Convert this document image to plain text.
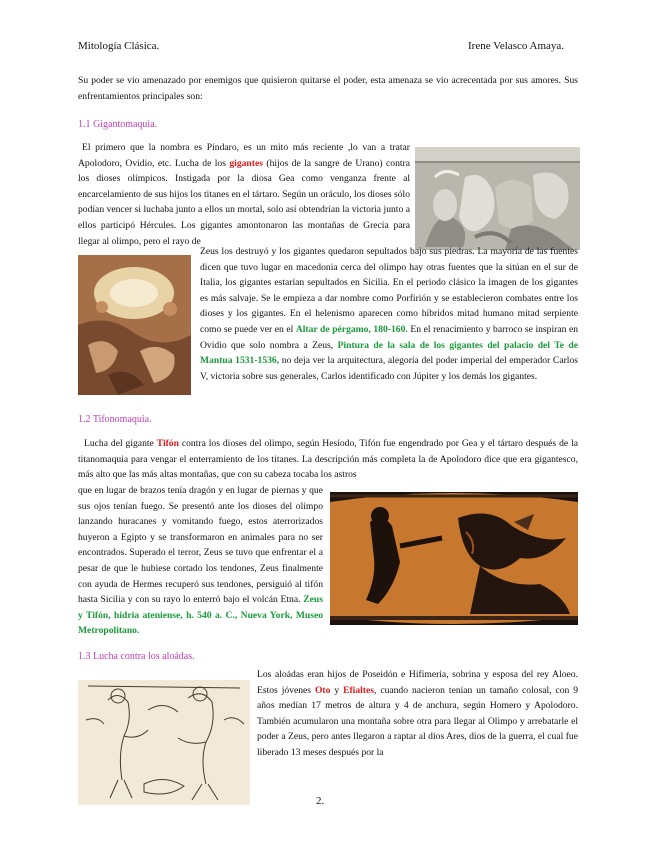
Mitología Clásica.	Irene Velasco Amaya.
Su poder se vio amenazado por enemigos que quisieron quitarse el poder, esta amenaza se vio acrecentada por sus amores. Sus enfrentamientos principales son:
1.1 Gigantomaquia.
El primero que la nombra es Píndaro, es un mito más reciente ,lo van a tratar Apolodoro, Ovidio, etc. Lucha de los gigantes (hijos de la sangre de Urano) contra los dioses olímpicos. Instigada por la diosa Gea como venganza frente al encarcelamiento de sus hijos los titanes en el tártaro. Según un oráculo, los dioses sólo podían vencer si luchaba junto a ellos un mortal, solo así obtendrían la victoria junto a ellos participó Hércules. Los gigantes amontonaron las montañas de Grecia para llegar al olimpo, pero el rayo de
Zeus los destruyó y los gigantes quedaron sepultados bajo sus piedras. La mayoría de las fuentes dicen que tuvo lugar en macedonia cerca del olimpo hay otras fuentes que la sitúan en el sur de Italia, los gigantes estarían sepultados en Sicilia. En el periodo clásico la imagen de los gigantes es más salvaje. Se le empieza a dar nombre como Porfirión y se establecieron combates entre los dioses y los gigantes. En el helenismo aparecen como híbridos mitad humano mitad serpiente como se puede ver en el Altar de pérgamo, 180-160. En el renacimiento y barroco se inspiran en Ovidio que solo nombra a Zeus, Pintura de la sala de los gigantes del palacio del Te de Mantua 1531-1536, no deja ver la arquitectura, alegoría del poder imperial del emperador Carlos V, victoria sobre sus generales, Carlos identificado con Júpiter y los demás los gigantes.
1.2 Tifonomaquia.
Lucha del gigante Tifón contra los dioses del olimpo, según Hesíodo, Tifón fue engendrado por Gea y el tártaro después de la titanomaquia para vengar el enterramiento de los titanes. La descripción más completa la de Apolodoro dice que era gigantesco, más alto que las más altas montañas, que con su cabeza tocaba los astros
que en lugar de brazos tenía dragón y en lugar de piernas y que sus ojos tenían fuego. Se presentó ante los dioses del olimpo lanzando huracanes y vomitando fuego, estos aterrorizados huyeron a Egipto y se transformaron en animales para no ser encontrados. Superado el terror, Zeus se tuvo que enfrentar el a pesar de que le hubiese cortado los tendones, Zeus finalmente con ayuda de Hermes recuperó sus tendones, persiguió al tifón hasta Sicilia y con su rayo lo enterró bajo el volcán Etna. Zeus y Tifón, hidria ateniense, h. 540 a. C., Nueva York, Museo Metropolitano.
1.3 Lucha contra los aloádas.
Los aloádas eran hijos de Poseidón e Hifimeria, sobrina y esposa del rey Aloeo. Estos jóvenes Oto y Efialtes, cuando nacieron tenían un tamaño colosal, con 9 años medían 17 metros de altura y 4 de anchura, según Homero y Apolodoro. También acumularon una montaña sobre otra para llegar al Olimpo y arrebatarle el poder a Zeus, pero antes llegaron a raptar al dios Ares, dios de la guerra, el cual fue liberado 13 meses después por la
2.
